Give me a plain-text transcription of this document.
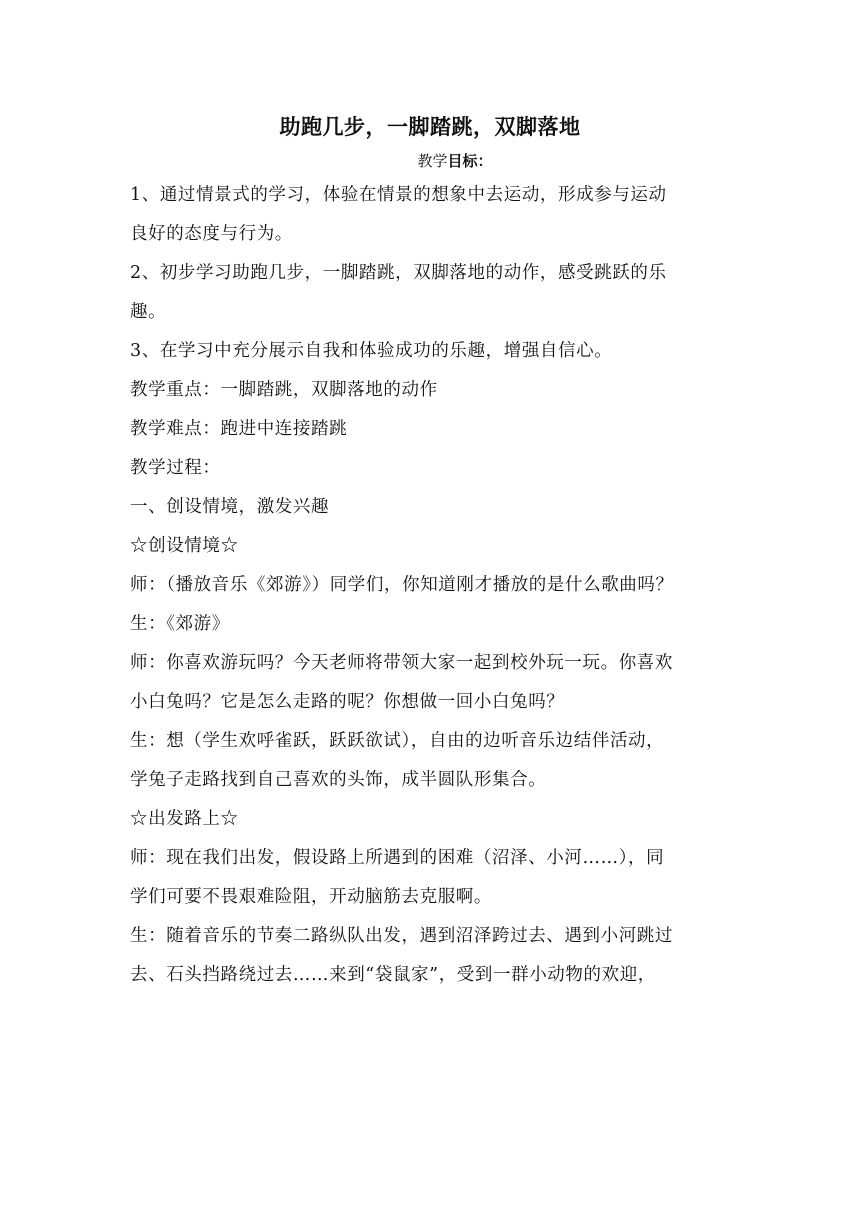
助跑几步，一脚踏跳，双脚落地
教学目标：

1、通过情景式的学习，体验在情景的想象中去运动，形成参与运动
良好的态度与行为。

2、初步学习助跑几步，一脚踏跳，双脚落地的动作，感受跳跃的乐
趣。

3、在学习中充分展示自我和体验成功的乐趣，增强自信心。

教学重点：一脚踏跳，双脚落地的动作

教学难点：跑进中连接踏跳

教学过程：

一、创设情境，激发兴趣

☆创设情境☆

师：（播放音乐《郊游》）同学们，你知道刚才播放的是什么歌曲吗？

生：《郊游》

师：你喜欢游玩吗？今天老师将带领大家一起到校外玩一玩。你喜欢
小白兔吗？它是怎么走路的呢？你想做一回小白兔吗？

生：想（学生欢呼雀跃，跃跃欲试），自由的边听音乐边结伴活动，
学兔子走路找到自己喜欢的头饰，成半圆队形集合。

☆出发路上☆

师：现在我们出发，假设路上所遇到的困难（沼泽、小河……），同
学们可要不畏艰难险阻，开动脑筋去克服啊。

生：随着音乐的节奏二路纵队出发，遇到沼泽跨过去、遇到小河跳过
去、石头挡路绕过去……来到“袋鼠家”，受到一群小动物的欢迎，
